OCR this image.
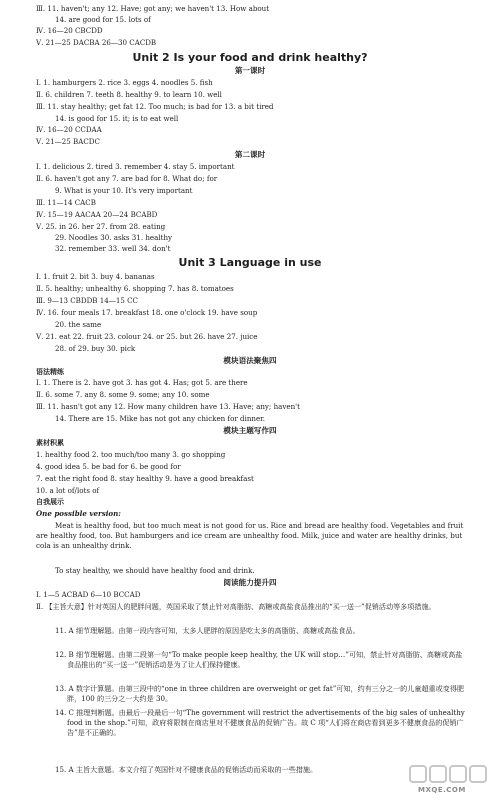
Ⅲ. 11. haven't; any 12. Have; got any; we haven't 13. How about
14. are good for 15. lots of
Ⅳ. 16—20 CBCDD
Ⅴ. 21—25 DACBA 26—30 CACDB
Unit 2 Is your food and drink healthy?
第一课时
Ⅰ. 1. hamburgers 2. rice 3. eggs 4. noodles 5. fish
Ⅱ. 6. children 7. teeth 8. healthy 9. to learn 10. well
Ⅲ. 11. stay healthy; get fat 12. Too much; is bad for 13. a bit tired
14. is good for 15. it; is to eat well
Ⅳ. 16—20 CCDAA
Ⅴ. 21—25 BACDC
第二课时
Ⅰ. 1. delicious 2. tired 3. remember 4. stay 5. important
Ⅱ. 6. haven't got any 7. are bad for 8. What do; for
9. What is your 10. It's very important
Ⅲ. 11—14 CACB
Ⅳ. 15—19 AACAA 20—24 BCABD
Ⅴ. 25. in 26. her 27. from 28. eating
29. Noodles 30. asks 31. healthy
32. remember 33. well 34. don't
Unit 3 Language in use
Ⅰ. 1. fruit 2. bit 3. buy 4. bananas
Ⅱ. 5. healthy; unhealthy 6. shopping 7. has 8. tomatoes
Ⅲ. 9—13 CBDDB 14—15 CC
Ⅳ. 16. four meals 17. breakfast 18. one o'clock 19. have soup
20. the same
Ⅴ. 21. eat 22. fruit 23. colour 24. or 25. but 26. have 27. juice
28. of 29. buy 30. pick
模块语法聚焦四
语法精练
Ⅰ. 1. There is 2. have got 3. has got 4. Has; got 5. are there
Ⅱ. 6. some 7. any 8. some 9. some; any 10. some
Ⅲ. 11. hasn't got any 12. How many children have 13. Have; any; haven't
14. There are 15. Mike has not got any chicken for dinner.
模块主题写作四
素材积累
1. healthy food 2. too much/too many 3. go shopping
4. good idea 5. be bad for 6. be good for
7. eat the right food 8. stay healthy 9. have a good breakfast
10. a lot of/lots of
自我展示
One possible version:
Meat is healthy food, but too much meat is not good for us. Rice and bread are healthy food. Vegetables and fruit are healthy food, too. But hamburgers and ice cream are unhealthy food. Milk, juice and water are healthy drinks, but cola is an unhealthy drink.
To stay healthy, we should have healthy food and drink.
阅读能力提升四
Ⅰ. 1—5 ACBAD 6—10 BCCAD
Ⅱ. 【主旨大意】针对英国人的肥胖问题，英国采取了禁止针对高脂肪、高糖或高盐食品推出的“买一送一”促销活动等多项措施。
11. A 细节理解题。由第一段内容可知，太多人肥胖的原因是吃太多的高脂肪、高糖或高盐食品。
12. B 细节理解题。由第二段第一句“To make people keep healthy, the UK will stop…”可知，禁止针对高脂肪、高糖或高盐食品推出的“买一送一”促销活动是为了让人们保持健康。
13. A 数字计算题。由第三段中的“one in three children are overweight or get fat”可知，约有三分之一的儿童超重或变得肥胖，100 的三分之一大约是 30。
14. C 推理判断题。由最后一段最后一句“The government will restrict the advertisements of the big sales of unhealthy food in the shop.”可知，政府将限制在商店里对不健康食品的促销广告。故 C 项“人们将在商店看到更多不健康食品的促销广告”是不正确的。
15. A 主旨大意题。本文介绍了英国针对不健康食品的促销活动而采取的一些措施。
MXQE.COM
